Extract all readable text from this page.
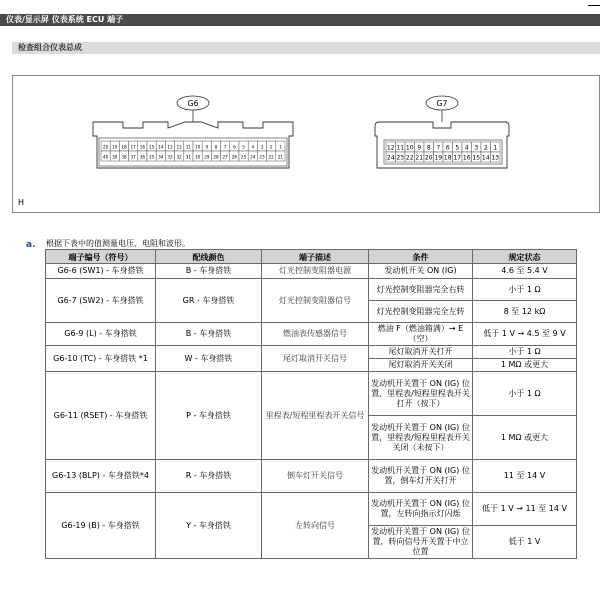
仪表/显示屏 仪表系统 ECU 端子
检查组合仪表总成
G6
20 19 18 17 16 15 14 13 12 11 10 9 8 7 6 5 4 3 2 1
40 39 38 37 36 35 34 33 32 31 30 29 28 27 26 25 24 23 22 21
G7
12 11 10 9 8 7 6 5 4 3 2 1
24 23 22 21 20 19 18 17 16 15 14 13
H
a. 根据下表中的值测量电压、电阻和波形。
端子编号（符号）	配线颜色	端子描述	条件	规定状态
G6-6 (SW1) - 车身搭铁	B - 车身搭铁	灯光控制变阻器电源	发动机开关 ON (IG)	4.6 至 5.4 V
G6-7 (SW2) - 车身搭铁	GR - 车身搭铁	灯光控制变阻器信号	灯光控制变阻器完全右转	小于 1 Ω
			灯光控制变阻器完全左转	8 至 12 kΩ
G6-9 (L) - 车身搭铁	B - 车身搭铁	燃油表传感器信号	燃油 F（燃油箱满）→ E（空）	低于 1 V → 4.5 至 9 V
G6-10 (TC) - 车身搭铁 *1	W - 车身搭铁	尾灯取消开关信号	尾灯取消开关打开	小于 1 Ω
			尾灯取消开关关闭	1 MΩ 或更大
G6-11 (RSET) - 车身搭铁	P - 车身搭铁	里程表/短程里程表开关信号	发动机开关置于 ON (IG) 位置，里程表/短程里程表开关打开（按下）	小于 1 Ω
			发动机开关置于 ON (IG) 位置，里程表/短程里程表开关关闭（未按下）	1 MΩ 或更大
G6-13 (BLP) - 车身搭铁*4	R - 车身搭铁	倒车灯开关信号	发动机开关置于 ON (IG) 位置，倒车灯开关打开	11 至 14 V
G6-19 (B) - 车身搭铁	Y - 车身搭铁	左转向信号	发动机开关置于 ON (IG) 位置，左转向指示灯闪烁	低于 1 V → 11 至 14 V
			发动机开关置于 ON (IG) 位置，转向信号开关置于中立位置	低于 1 V
